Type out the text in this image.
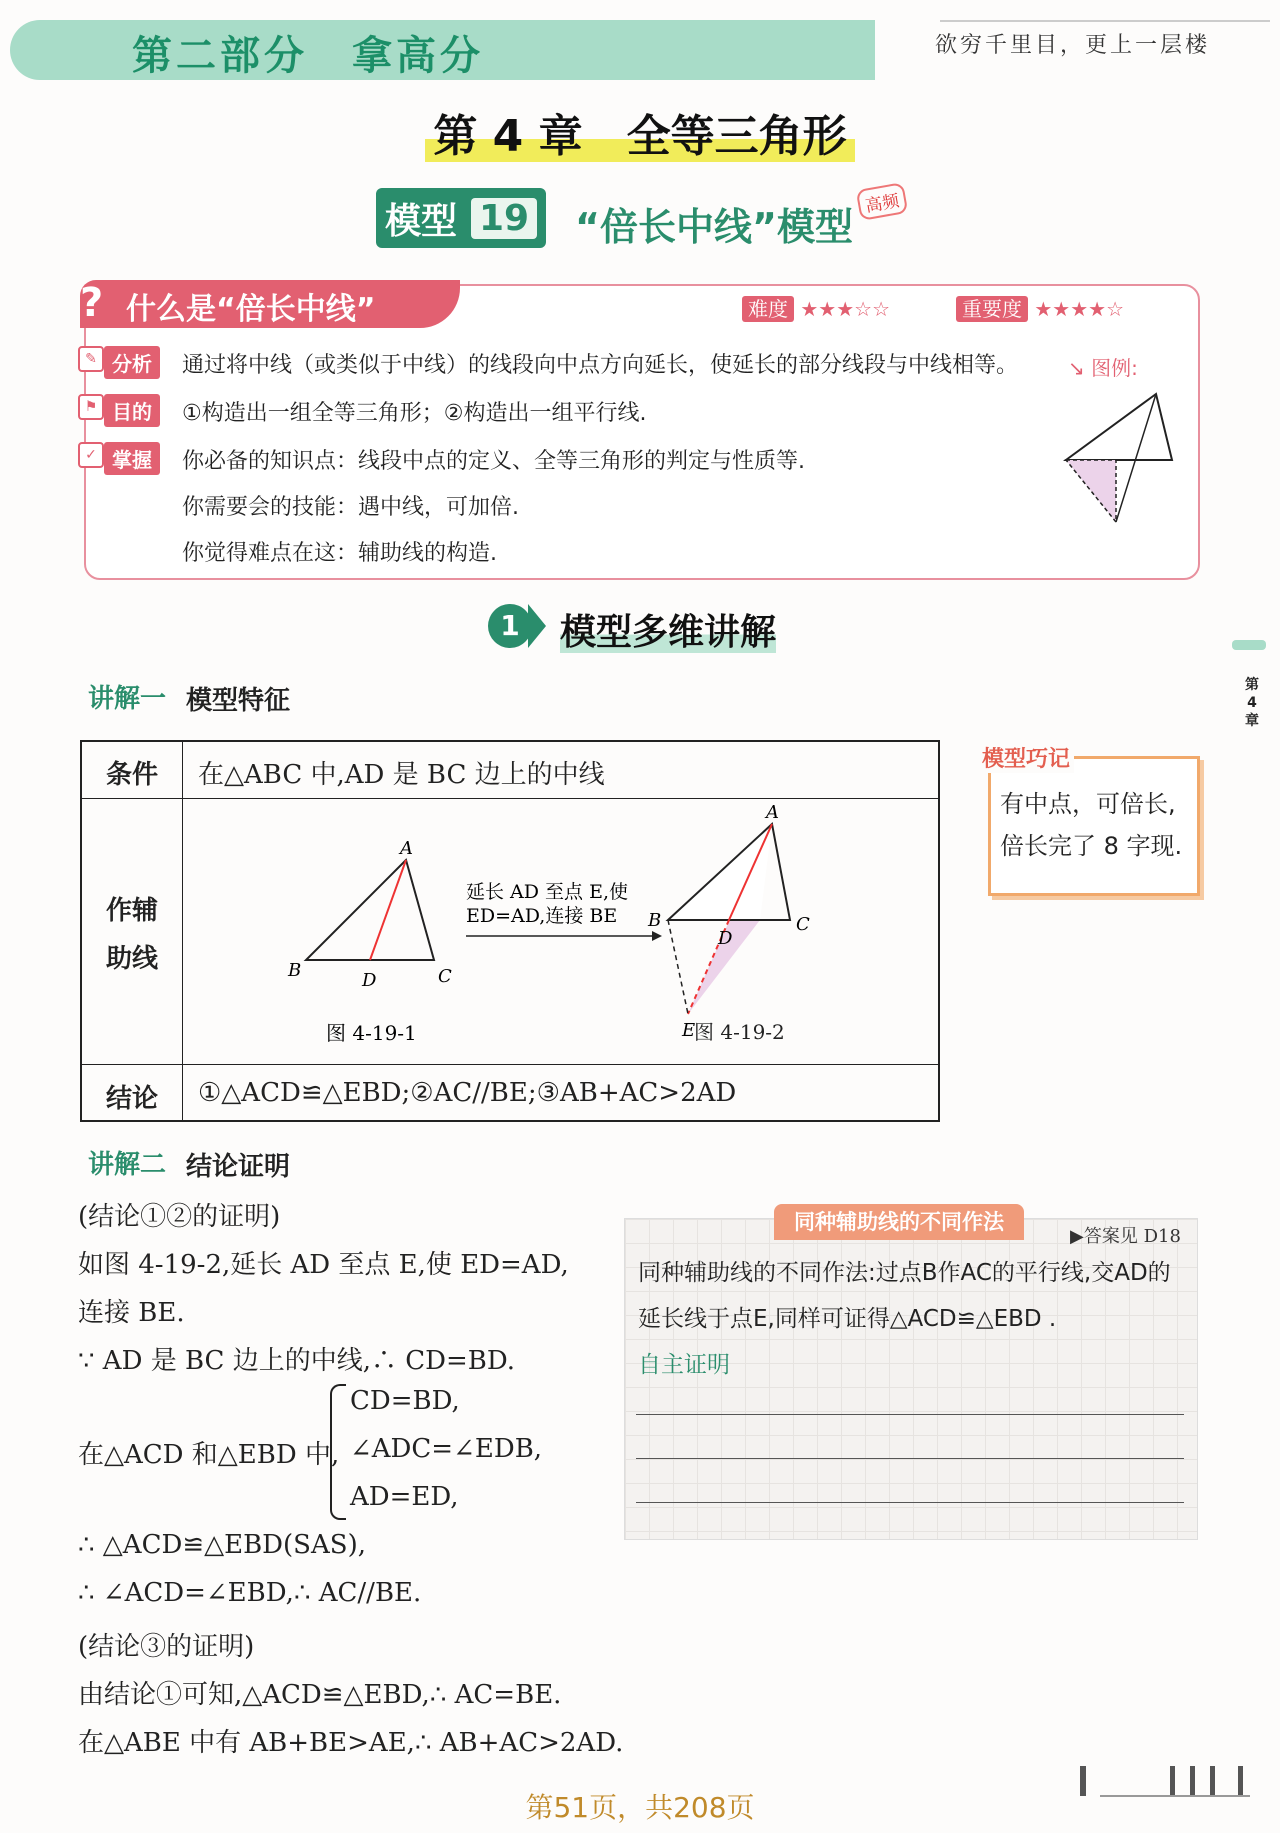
第二部分　拿高分	欲穷千里目，更上一层楼
第 4 章　全等三角形
模型 19 “倍长中线”模型
高频
? 什么是“倍长中线”	难度 ★★★☆☆	重要度 ★★★★☆
✎ 分析	通过将中线（或类似于中线）的线段向中点方向延长，使延长的部分线段与中线相等。 ↘ 图例:
⚑ 目的	①构造出一组全等三角形；②构造出一组平行线.
✓ 掌握	你必备的知识点：线段中点的定义、全等三角形的判定与性质等.
你需要会的技能：遇中线，可加倍.
你觉得难点在这：辅助线的构造.
1	模型多维讲解
讲解一 模型特征
条件 在△ABC 中,AD 是 BC 边上的中线
作辅
助线
A
B	D	C
图 4-19-1
延长 AD 至点 E,使
ED=AD,连接 BE
A
B
D
C
E
结论 ①△ACD≌△EBD;②AC//BE;③AB+AC>2AD
图 4-19-2
模型巧记
有中点，可倍长,
倍长完了 8 字现.
讲解二 结论证明
(结论①②的证明)
如图 4-19-2,延长 AD 至点 E,使 ED=AD,
连接 BE.
∵ AD 是 BC 边上的中线,∴ CD=BD.
在△ACD 和△EBD 中,
CD=BD,
∠ADC=∠EDB,
AD=ED,
∴ △ACD≌△EBD(SAS),
∴ ∠ACD=∠EBD,∴ AC//BE.
(结论③的证明)
由结论①可知,△ACD≌△EBD,∴ AC=BE.
在△ABE 中有 AB+BE>AE,∴ AB+AC>2AD.
同种辅助线的不同作法
▶答案见 D18
同种辅助线的不同作法:过点B作AC的平行线,交AD的
延长线于点E,同样可证得△ACD≌△EBD .
自主证明
第4章
第51页，共208页
